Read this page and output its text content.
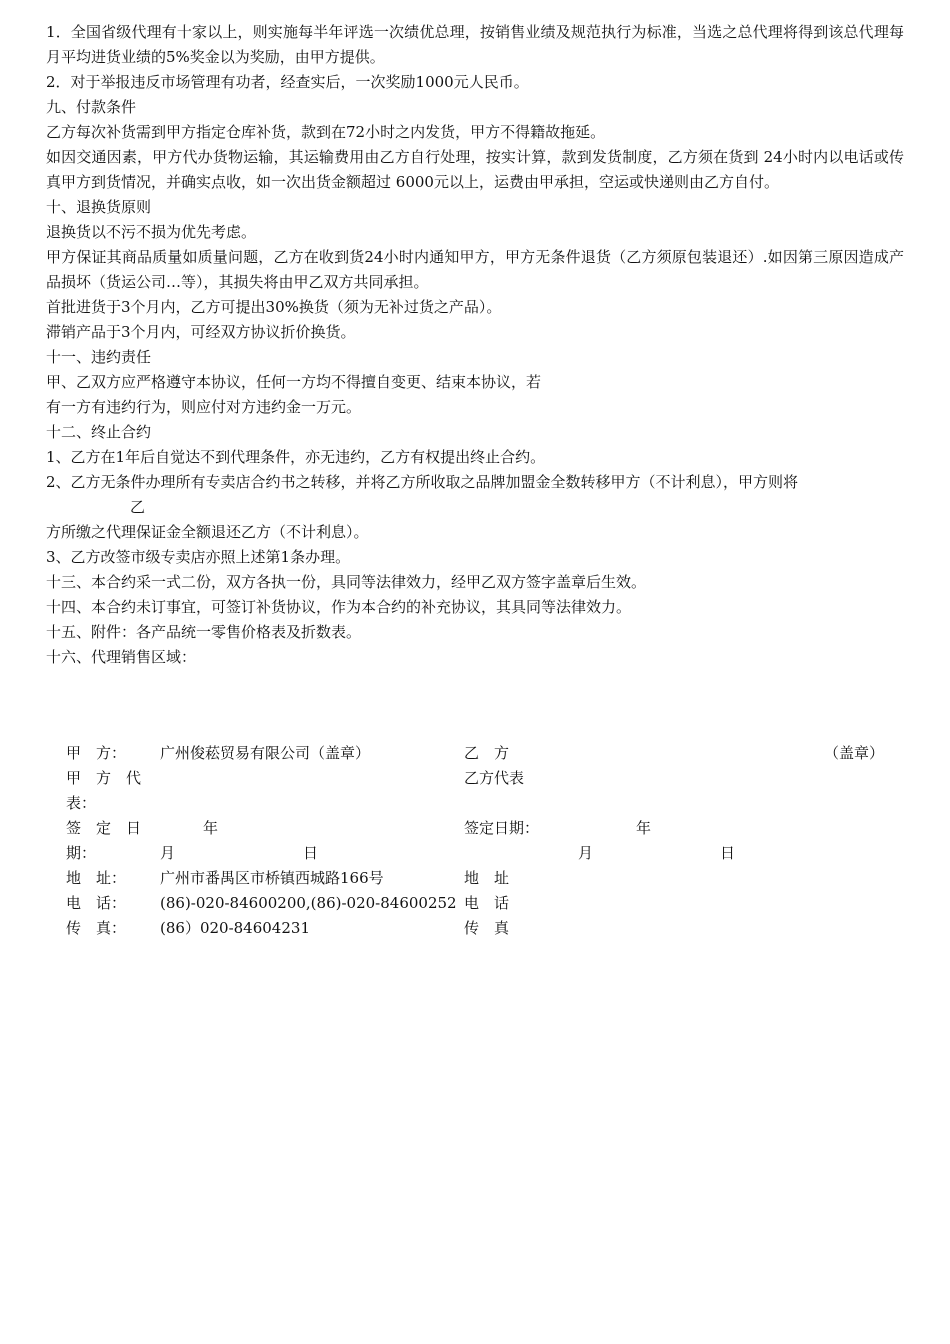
1．全国省级代理有十家以上，则实施每半年评选一次绩优总理，按销售业绩及规范执行为标准，当选之总代理将得到该总代理每月平均进货业绩的5%奖金以为奖励，由甲方提供。

2．对于举报违反市场管理有功者，经查实后，一次奖励1000元人民币。

九、付款条件

乙方每次补货需到甲方指定仓库补货，款到在72小时之内发货，甲方不得籍故拖延。

如因交通因素，甲方代办货物运输，其运输费用由乙方自行处理，按实计算，款到发货制度，乙方须在货到 24小时内以电话或传真甲方到货情况，并确实点收，如一次出货金额超过 6000元以上，运费由甲承担，空运或快递则由乙方自付。

十、退换货原则

退换货以不污不损为优先考虑。

甲方保证其商品质量如质量问题，乙方在收到货24小时内通知甲方，甲方无条件退货（乙方须原包装退还）.如因第三原因造成产品损坏（货运公司…等），其损失将由甲乙双方共同承担。

首批进货于3个月内，乙方可提出30%换货（须为无补过货之产品）。

滞销产品于3个月内，可经双方协议折价换货。

十一、违约责任

甲、乙双方应严格遵守本协议，任何一方均不得擅自变更、结束本协议，若

有一方有违约行为，则应付对方违约金一万元。

十二、终止合约

1、乙方在1年后自觉达不到代理条件，亦无违约，乙方有权提出终止合约。

2、乙方无条件办理所有专卖店合约书之转移，并将乙方所收取之品牌加盟金全数转移甲方（不计利息），甲方则将

乙

方所缴之代理保证金全额退还乙方（不计利息）。

3、乙方改签市级专卖店亦照上述第1条办理。

十三、本合约采一式二份，双方各执一份，具同等法律效力，经甲乙双方签字盖章后生效。

十四、本合约未订事宜，可签订补货协议，作为本合约的补充协议，其具同等法律效力。

十五、附件：各产品统一零售价格表及折数表。

十六、代理销售区域：

甲　方： 广州俊菘贸易有限公司（盖章）	乙　方	（盖章）
甲　方　代	乙方代表
表：
签　定　日	年	签定日期：	年
期：	月	日	月	日
地　址： 广州市番禺区市桥镇西城路166号	地　址
电　话： (86)-020-84600200,(86)-020-84600252 电　话
传　真： (86）020-84604231	传　真
